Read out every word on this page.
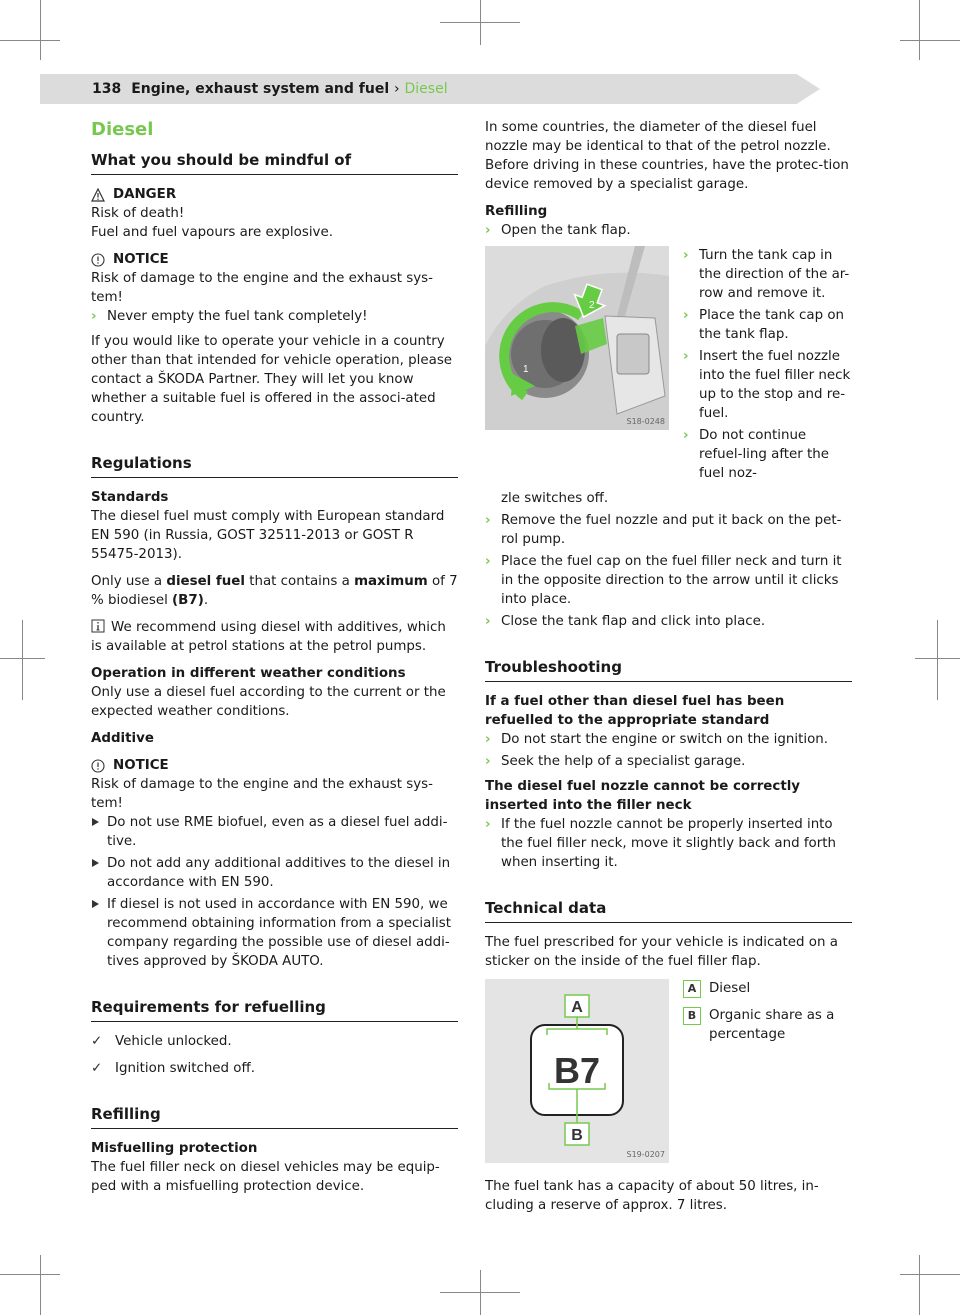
138 Engine, exhaust system and fuel › Diesel
Diesel
What you should be mindful of
DANGER
Risk of death!

Fuel and fuel vapours are explosive.

NOTICE
Risk of damage to the engine and the exhaust sys-tem!
› Never empty the fuel tank completely!

If you would like to operate your vehicle in a country other than that intended for vehicle operation, please contact a ŠKODA Partner. They will let you know whether a suitable fuel is offered in the associ-ated country.

Regulations
Standards

The diesel fuel must comply with European standard EN 590 (in Russia, GOST 32511-2013 or GOST R 55475-2013).

Only use a diesel fuel that contains a maximum of 7 % biodiesel (B7).

We recommend using diesel with additives, which is available at petrol stations at the petrol pumps.

Operation in different weather conditions

Only use a diesel fuel according to the current or the expected weather conditions.

Additive

NOTICE
Risk of damage to the engine and the exhaust sys-tem!
Do not use RME biofuel, even as a diesel fuel addi-tive.
Do not add any additional additives to the diesel in accordance with EN 590.
If diesel is not used in accordance with EN 590, we recommend obtaining information from a specialist company regarding the possible use of diesel addi-tives approved by ŠKODA AUTO.
Requirements for refuelling
✓ Vehicle unlocked.
✓ Ignition switched off.
Refilling
Misfuelling protection

The fuel filler neck on diesel vehicles may be equip-ped with a misfuelling protection device.

In some countries, the diameter of the diesel fuel nozzle may be identical to that of the petrol nozzle. Before driving in these countries, have the protec-tion device removed by a specialist garage.

Refilling
› Open the tank flap.
1
2
S18-0248
› Turn the tank cap in the direction of the ar-row and remove it.
› Place the tank cap on the tank flap.
› Insert the fuel nozzle into the fuel filler neck up to the stop and re-fuel.
› Do not continue refuel-ling after the fuel noz-
zle switches off.
› Remove the fuel nozzle and put it back on the pet-rol pump.
› Place the fuel cap on the fuel filler neck and turn it in the opposite direction to the arrow until it clicks into place.
› Close the tank flap and click into place.
Troubleshooting
If a fuel other than diesel fuel has been refuelled to the appropriate standard
› Do not start the engine or switch on the ignition.
› Seek the help of a specialist garage.
The diesel fuel nozzle cannot be correctly inserted into the filler neck
› If the fuel nozzle cannot be properly inserted into the fuel filler neck, move it slightly back and forth when inserting it.
Technical data

The fuel prescribed for your vehicle is indicated on a sticker on the inside of the fuel filler flap.

A
B7
B
S19-0207
A Diesel
B Organic share as a percentage

The fuel tank has a capacity of about 50 litres, in-cluding a reserve of approx. 7 litres.
